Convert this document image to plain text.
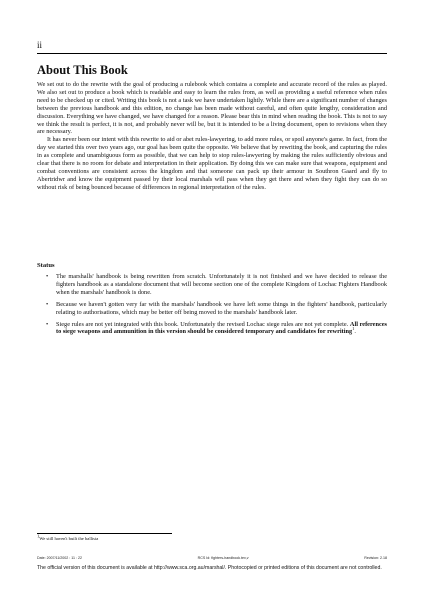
ii
About This Book

We set out to do the rewrite with the goal of producing a rulebook which contains a complete and accurate record of the rules as played. We also set out to produce a book which is readable and easy to learn the rules from, as well as providing a useful reference when rules need to be checked up or cited. Writing this book is not a task we have undertaken lightly. While there are a significant number of changes between the previous handbook and this edition, no change has been made without careful, and often quite lengthy, consideration and discussion. Everything we have changed, we have changed for a reason. Please bear this in mind when reading the book. This is not to say we think the result is perfect, it is not, and probably never will be, but it is intended to be a living document, open to revisions when they are necessary.

It has never been our intent with this rewrite to aid or abet rules-lawyering, to add more rules, or spoil anyone's game. In fact, from the day we started this over two years ago, our goal has been quite the opposite. We believe that by rewriting the book, and capturing the rules in as complete and unambiguous form as possible, that we can help to stop rules-lawyering by making the rules sufficiently obvious and clear that there is no room for debate and interpretation in their application. By doing this we can make sure that weapons, equipment and combat conventions are consistent across the kingdom and that someone can pack up their armour in Southron Gaard and fly to Abertridwr and know the equipment passed by their local marshals will pass when they get there and when they fight they can do so without risk of being bounced because of differences in regional interpretation of the rules.

Status
• The marshalls' handbook is being rewritten from scratch. Unfortunately it is not finished and we have decided to release the fighters handbook as a standalone document that will become section one of the complete Kingdom of Lochac Fighters Handbook when the marshals' handbook is done.
• Because we haven't gotten very far with the marshals' handbook we have left some things in the fighters' handbook, particularly relating to authorisations, which may be better off being moved to the marshals' handbook later.
• Siege rules are not yet integrated with this book. Unfortunately the revised Lochac siege rules are not yet complete. All references to siege weapons and ammunition in this version should be considered temporary and candidates for rewriting$^1$.
$^1$We still haven't built the ballista
Date: 2007/11/2002 : 11 : 22	RCS Id: fighters-handbook.tex,v	Revision: 2.18
The official version of this document is available at http://www.sca.org.au/marshal/. Photocopied or printed editions of this document are not controlled.
